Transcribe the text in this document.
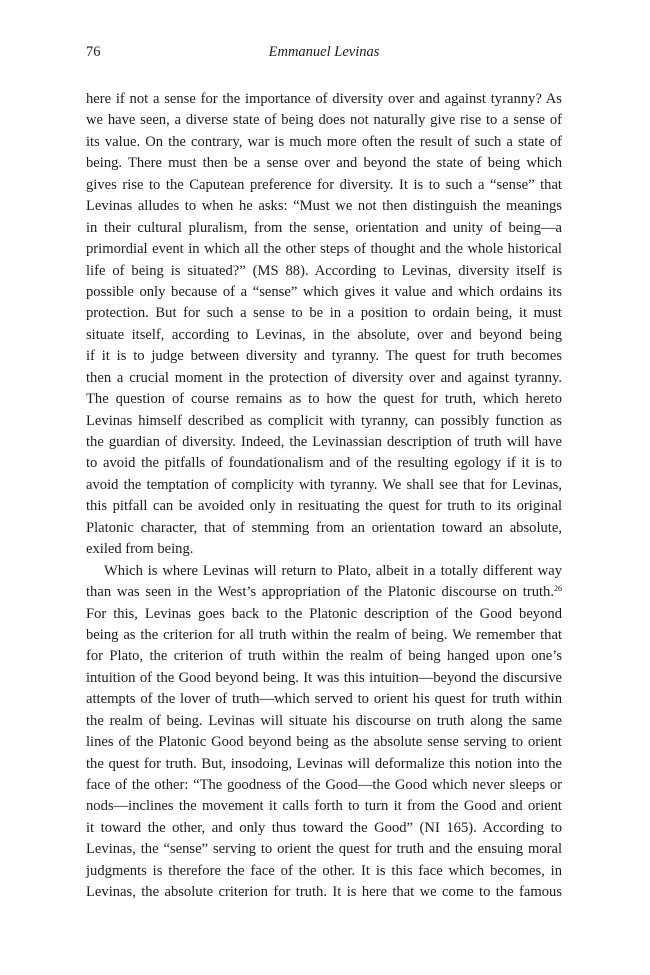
76	Emmanuel Levinas
here if not a sense for the importance of diversity over and against tyranny? As
we have seen, a diverse state of being does not naturally give rise to a sense of
its value. On the contrary, war is much more often the result of such a state of
being. There must then be a sense over and beyond the state of being which
gives rise to the Caputean preference for diversity. It is to such a “sense” that
Levinas alludes to when he asks: “Must we not then distinguish the meanings
in their cultural pluralism, from the sense, orientation and unity of being—a
primordial event in which all the other steps of thought and the whole historical
life of being is situated?” (MS 88). According to Levinas, diversity itself is
possible only because of a “sense” which gives it value and which ordains its
protection. But for such a sense to be in a position to ordain being, it must
situate itself, according to Levinas, in the absolute, over and beyond being
if it is to judge between diversity and tyranny. The quest for truth becomes
then a crucial moment in the protection of diversity over and against tyranny.
The question of course remains as to how the quest for truth, which hereto
Levinas himself described as complicit with tyranny, can possibly function as
the guardian of diversity. Indeed, the Levinassian description of truth will have
to avoid the pitfalls of foundationalism and of the resulting egology if it is to
avoid the temptation of complicity with tyranny. We shall see that for Levinas,
this pitfall can be avoided only in resituating the quest for truth to its original
Platonic character, that of stemming from an orientation toward an absolute,
exiled from being.
Which is where Levinas will return to Plato, albeit in a totally different way
than was seen in the West’s appropriation of the Platonic discourse on truth.$^{26}$
For this, Levinas goes back to the Platonic description of the Good beyond
being as the criterion for all truth within the realm of being. We remember that
for Plato, the criterion of truth within the realm of being hanged upon one’s
intuition of the Good beyond being. It was this intuition—beyond the discursive
attempts of the lover of truth—which served to orient his quest for truth within
the realm of being. Levinas will situate his discourse on truth along the same
lines of the Platonic Good beyond being as the absolute sense serving to orient
the quest for truth. But, insodoing, Levinas will deformalize this notion into the
face of the other: “The goodness of the Good—the Good which never sleeps or
nods—inclines the movement it calls forth to turn it from the Good and orient
it toward the other, and only thus toward the Good” (NI 165). According to
Levinas, the “sense” serving to orient the quest for truth and the ensuing moral
judgments is therefore the face of the other. It is this face which becomes, in
Levinas, the absolute criterion for truth. It is here that we come to the famous
